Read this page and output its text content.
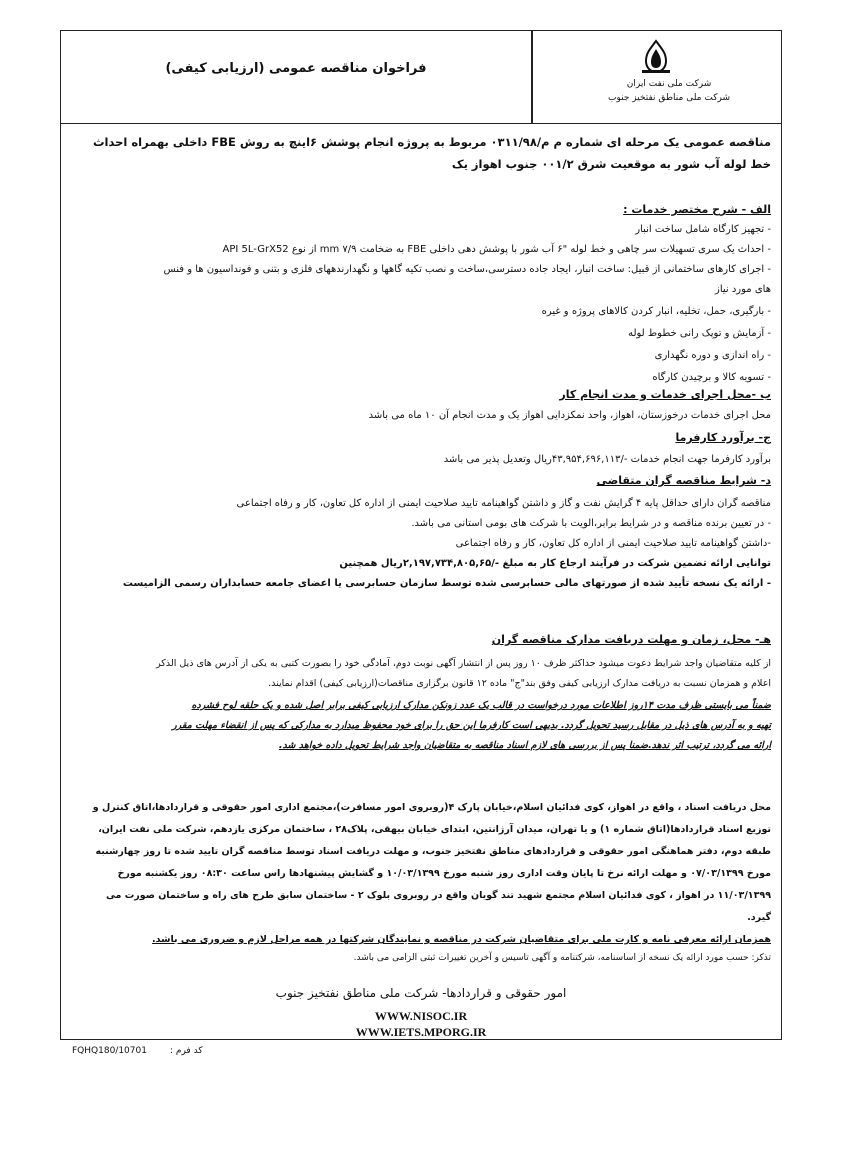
فراخوان مناقصه عمومی (ارزیابی کیفی)
شرکت ملی نفت ایران
شرکت ملی مناطق نفتخیز جنوب
مناقصه عمومی یک مرحله ای شماره م م/۰۳۱۱/۹۸ مربوط به پروژه انجام پوشش ۶اینچ به روش FBE داخلی بهمراه احداث
خط لوله آب شور به موقعیت شرق ۰۰۱/۲ جنوب اهواز یک
الف - شرح مختصر خدمات :
- تجهیز کارگاه شامل ساخت انبار
- احداث یک سری تسهیلات سر چاهی و خط لوله "۶ آب شور با پوشش دهی داخلی FBE به ضخامت ۷/۹ mm از نوع API 5L-GrX52
- اجرای کارهای ساختمانی از قبیل: ساخت انبار، ایجاد جاده دسترسی،ساخت و نصب تکیه گاهها و نگهدارندههای فلزی و بتنی و فونداسیون ها و فنس
های مورد نیاز
- بارگیری، حمل، تخلیه، انبار کردن کالاهای پروژه و غیره
- آزمایش و توپک رانی خطوط لوله
- راه اندازی و دوره نگهداری
- تسویه کالا و برچیدن کارگاه
ب -محل اجرای خدمات و مدت انجام کار
محل اجرای خدمات درخوزستان، اهواز، واحد نمکزدایی اهواز یک و مدت انجام آن ۱۰ ماه می باشد
ج- برآورد کارفرما
برآورد کارفرما جهت انجام خدمات -/۴۳,۹۵۴,۶۹۶,۱۱۳ریال وتعدیل پذیر می باشد
د- شرایط مناقصه گران متقاضی
مناقصه گران دارای حداقل پایه ۴ گرایش نفت و گاز و داشتن گواهینامه تایید صلاحیت ایمنی از اداره کل تعاون، کار و رفاه اجتماعی
- در تعیین برنده مناقصه و در شرایط برابر،الویت با شرکت های بومی استانی می باشد.
-داشتن گواهینامه تایید صلاحیت ایمنی از اداره کل تعاون، کار و رفاه اجتماعی
توانایی ارائه تضمین شرکت در فرآیند ارجاع کار به مبلغ -/۲,۱۹۷,۷۳۴,۸۰۵,۶۵ریال همچنین
- ارائه یک نسخه تأیید شده از صورتهای مالی حسابرسی شده توسط سازمان حسابرسی یا اعضای جامعه حسابداران رسمی الزامیست
هـ- محل، زمان و مهلت دریافت مدارک مناقصه گران
از کلیه متقاضیان واجد شرایط دعوت میشود حداکثر ظرف ۱۰ روز پس از انتشار آگهی نوبت دوم، آمادگی خود را بصورت کتبی به یکی از آدرس های ذیل الذکر
اعلام و همزمان نسبت به دریافت مدارک ارزیابی کیفی وفق بند"ج" ماده ۱۲ قانون برگزاری مناقصات(ارزیابی کیفی) اقدام نمایند.
ضمناً می بایستی ظرف مدت ۱۴روز اطلاعات مورد درخواست در قالب یک عدد زونکن مدارک ارزیابی کیفی برابر اصل شده و یک حلقه لوح فشرده
تهیه و به آدرس های ذیل در مقابل رسید تحویل گردد. بدیهی است کارفرما این حق را برای خود محفوظ میدارد به مدارکی که پس از انقضاء مهلت مقرر
ارائه می گردد، ترتیب اثر ندهد.ضمنا پس از بررسی های لازم اسناد مناقصه به متقاضیان واجد شرایط تحویل داده خواهد شد.
محل دریافت اسناد ، واقع در اهواز، کوی فدائیان اسلام،خیابان پارک ۴(روبروی امور مسافرت)،مجتمع اداری امور حقوقی و قراردادها،اتاق کنترل و
توزیع اسناد قراردادها(اتاق شماره ۱) و یا تهران، میدان آرژانتین، ابتدای خیابان بیهقی، پلاک۲۸ ، ساختمان مرکزی یازدهم، شرکت ملی نفت ایران،
طبقه دوم، دفتر هماهنگی امور حقوقی و قراردادهای مناطق نفتخیز جنوب، و مهلت دریافت اسناد توسط مناقصه گران تایید شده تا روز چهارشنبه
مورخ ۰۷/۰۳/۱۳۹۹ و مهلت ارائه نرخ تا پایان وقت اداری روز شنبه مورخ ۱۰/۰۳/۱۳۹۹ و گشایش پیشنهادها راس ساعت ۰۸:۳۰ روز یکشنبه مورخ
۱۱/۰۳/۱۳۹۹ در اهواز ، کوی فدائیان اسلام مجتمع شهید تند گویان واقع در روبروی بلوک ۲ - ساختمان سابق طرح های راه و ساختمان صورت می
گیرد.
همزمان ارائه معرفی نامه و کارت ملی برای متقاضیان شرکت در مناقصه و نمایندگان شرکتها در همه مراحل لازم و ضروری می باشد.
تذکر: حسب مورد ارائه یک نسخه از اساسنامه، شرکتنامه و آگهی تاسیس و آخرین تغییرات ثبتی الزامی می باشد.
امور حقوقی و قراردادها- شرکت ملی مناطق نفتخیز جنوب
WWW.NISOC.IR
WWW.IETS.MPORG.IR
FQHQ180/10701	کد فرم :
